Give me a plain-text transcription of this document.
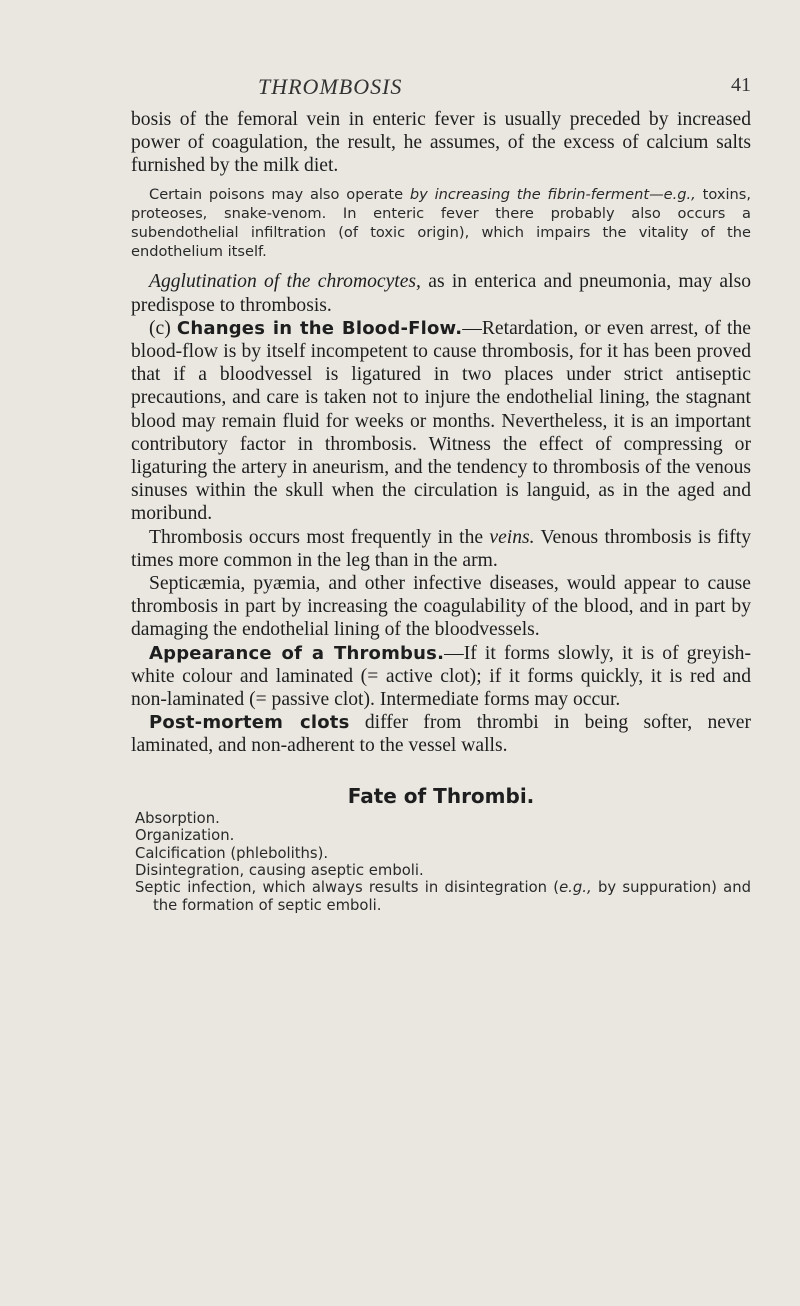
THROMBOSIS	41

bosis of the femoral vein in enteric fever is usually preceded by increased power of coagulation, the result, he assumes, of the excess of calcium salts furnished by the milk diet.

Certain poisons may also operate by increasing the fibrin-ferment—e.g., toxins, proteoses, snake-venom. In enteric fever there probably also occurs a subendothelial infiltration (of toxic origin), which impairs the vitality of the endothelium itself.

Agglutination of the chromocytes, as in enterica and pneumonia, may also predispose to thrombosis.

(c) Changes in the Blood-Flow.—Retardation, or even arrest, of the blood-flow is by itself incompetent to cause thrombosis, for it has been proved that if a bloodvessel is ligatured in two places under strict antiseptic precautions, and care is taken not to injure the endothelial lining, the stagnant blood may remain fluid for weeks or months. Nevertheless, it is an important contributory factor in thrombosis. Witness the effect of compressing or ligaturing the artery in aneurism, and the tendency to thrombosis of the venous sinuses within the skull when the circulation is languid, as in the aged and moribund.

Thrombosis occurs most frequently in the veins. Venous thrombosis is fifty times more common in the leg than in the arm.

Septicæmia, pyæmia, and other infective diseases, would appear to cause thrombosis in part by increasing the coagulability of the blood, and in part by damaging the endothelial lining of the bloodvessels.

Appearance of a Thrombus.—If it forms slowly, it is of greyish-white colour and laminated (= active clot); if it forms quickly, it is red and non-laminated (= passive clot). Intermediate forms may occur.

Post-mortem clots differ from thrombi in being softer, never laminated, and non-adherent to the vessel walls.

Fate of Thrombi.

Absorption.

Organization.

Calcification (phleboliths).

Disintegration, causing aseptic emboli.

Septic infection, which always results in disintegration (e.g., by suppuration) and the formation of septic emboli.
